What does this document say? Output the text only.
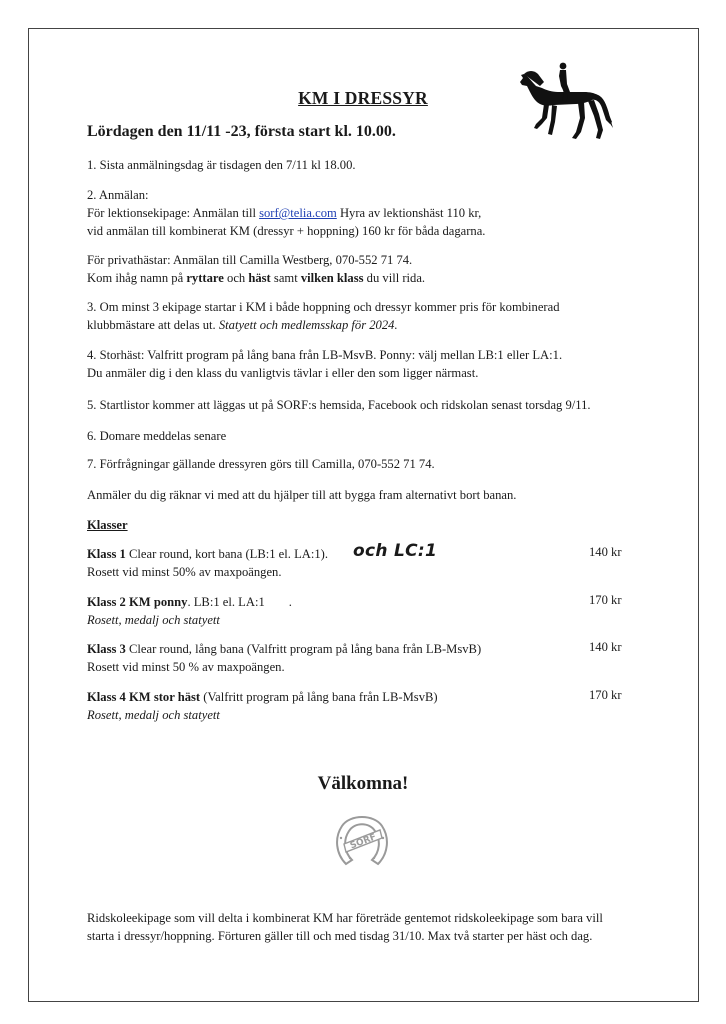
KM I DRESSYR
Lördagen den 11/11 -23, första start kl. 10.00.
1. Sista anmälningsdag är tisdagen den 7/11 kl 18.00.
2. Anmälan:
För lektionsekipage: Anmälan till sorf@telia.com Hyra av lektionshäst 110 kr,
vid anmälan till kombinerat KM (dressyr + hoppning) 160 kr för båda dagarna.
För privathästar: Anmälan till Camilla Westberg, 070-552 71 74.
Kom ihåg namn på ryttare och häst samt vilken klass du vill rida.
3. Om minst 3 ekipage startar i KM i både hoppning och dressyr kommer pris för kombinerad
klubbmästare att delas ut. Statyett och medlemsskap för 2024.
4. Storhäst: Valfritt program på lång bana från LB-MsvB. Ponny: välj mellan LB:1 eller LA:1.
Du anmäler dig i den klass du vanligtvis tävlar i eller den som ligger närmast.
5. Startlistor kommer att läggas ut på SORF:s hemsida, Facebook och ridskolan senast torsdag 9/11.
6. Domare meddelas senare
7. Förfrågningar gällande dressyren görs till Camilla, 070-552 71 74.
Anmäler du dig räknar vi med att du hjälper till att bygga fram alternativt bort banan.
Klasser
Klass 1 Clear round, kort bana (LB:1 el. LA:1).
Rosett vid minst 50% av maxpoängen.
och LC:1	140 kr
Klass 2 KM ponny. LB:1 el. LA:1 .
Rosett, medalj och statyett
170 kr
Klass 3 Clear round, lång bana (Valfritt program på lång bana från LB-MsvB)
Rosett vid minst 50 % av maxpoängen.
140 kr
Klass 4 KM stor häst (Valfritt program på lång bana från LB-MsvB)
Rosett, medalj och statyett
170 kr
Välkomna!
SORF
Ridskoleekipage som vill delta i kombinerat KM har företräde gentemot ridskoleekipage som bara vill
starta i dressyr/hoppning. Förturen gäller till och med tisdag 31/10. Max två starter per häst och dag.
